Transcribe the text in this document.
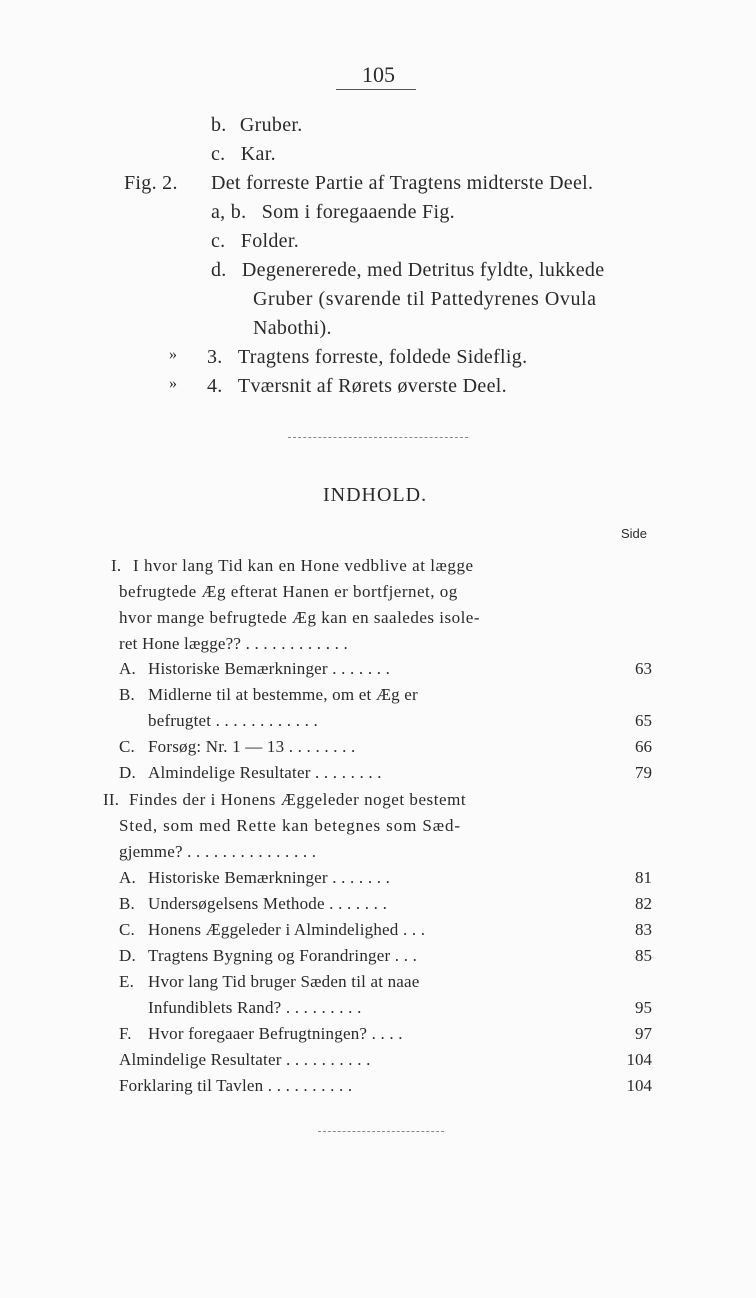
105
b. Gruber.
c. Kar.
Fig. 2. Det forreste Partie af Tragtens midterste Deel.
a, b. Som i foregaaende Fig.
c. Folder.
d. Degenererede, med Detritus fyldte, lukkede
Gruber (svarende til Pattedyrenes Ovula
Nabothi).
» 3. Tragtens forreste, foldede Sideflig.
» 4. Tværsnit af Rørets øverste Deel.
INDHOLD.
Side
I. I hvor lang Tid kan en Hone vedblive at lægge
befrugtede Æg efterat Hanen er bortfjernet, og
hvor mange befrugtede Æg kan en saaledes isole-
ret Hone lægge?? . . . . . . . . . . . .
A. Historiske Bemærkninger . . . . . . .	63
B. Midlerne til at bestemme, om et Æg er
befrugtet . . . . . . . . . . . .	65
C. Forsøg: Nr. 1 — 13 . . . . . . . .	66
D. Almindelige Resultater . . . . . . . .	79
II. Findes der i Honens Æggeleder noget bestemt
Sted, som med Rette kan betegnes som Sæd-
gjemme? . . . . . . . . . . . . . . .
A. Historiske Bemærkninger . . . . . . .	81
B. Undersøgelsens Methode . . . . . . .	82
C. Honens Æggeleder i Almindelighed . . .	83
D. Tragtens Bygning og Forandringer . . .	85
E. Hvor lang Tid bruger Sæden til at naae
Infundiblets Rand? . . . . . . . . .	95
F. Hvor foregaaer Befrugtningen? . . . .	97
Almindelige Resultater . . . . . . . . . .	104
Forklaring til Tavlen . . . . . . . . . .	104
